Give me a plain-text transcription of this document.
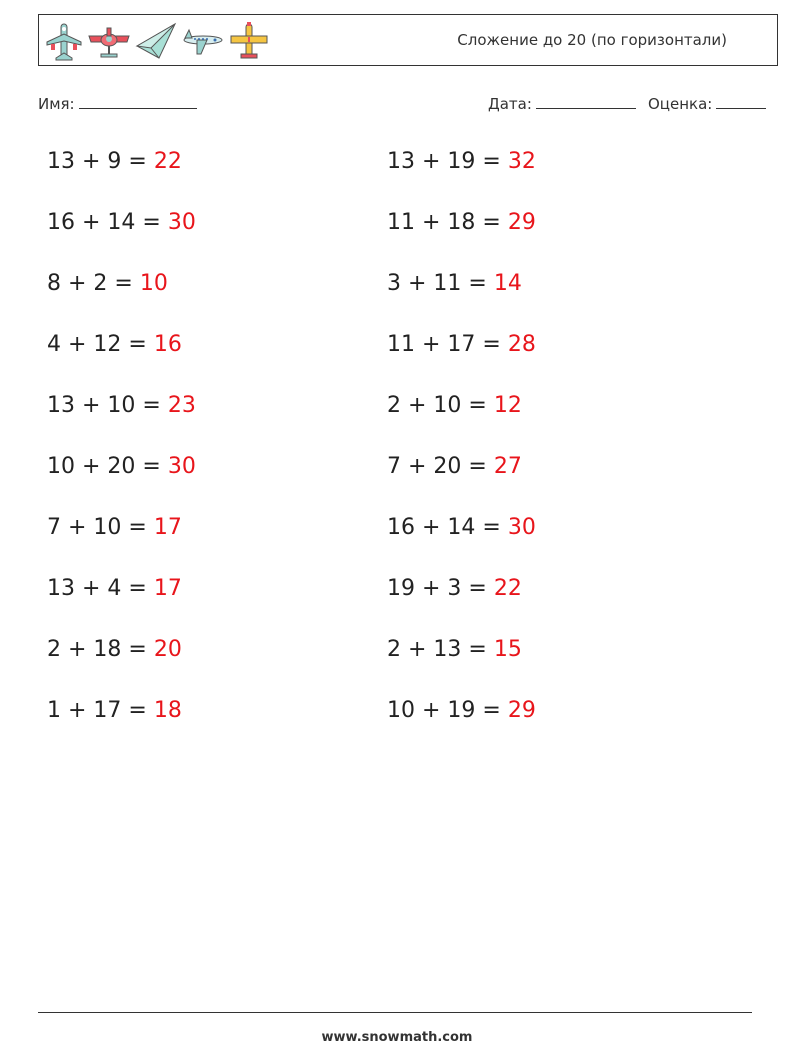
Сложение до 20 (по горизонтали)
Имя:	Дата:	Оценка:
13 + 9 = 22	13 + 19 = 32
16 + 14 = 30	11 + 18 = 29
8 + 2 = 10	3 + 11 = 14
4 + 12 = 16	11 + 17 = 28
13 + 10 = 23	2 + 10 = 12
10 + 20 = 30	7 + 20 = 27
7 + 10 = 17	16 + 14 = 30
13 + 4 = 17	19 + 3 = 22
2 + 18 = 20	2 + 13 = 15
1 + 17 = 18	10 + 19 = 29
www.snowmath.com
